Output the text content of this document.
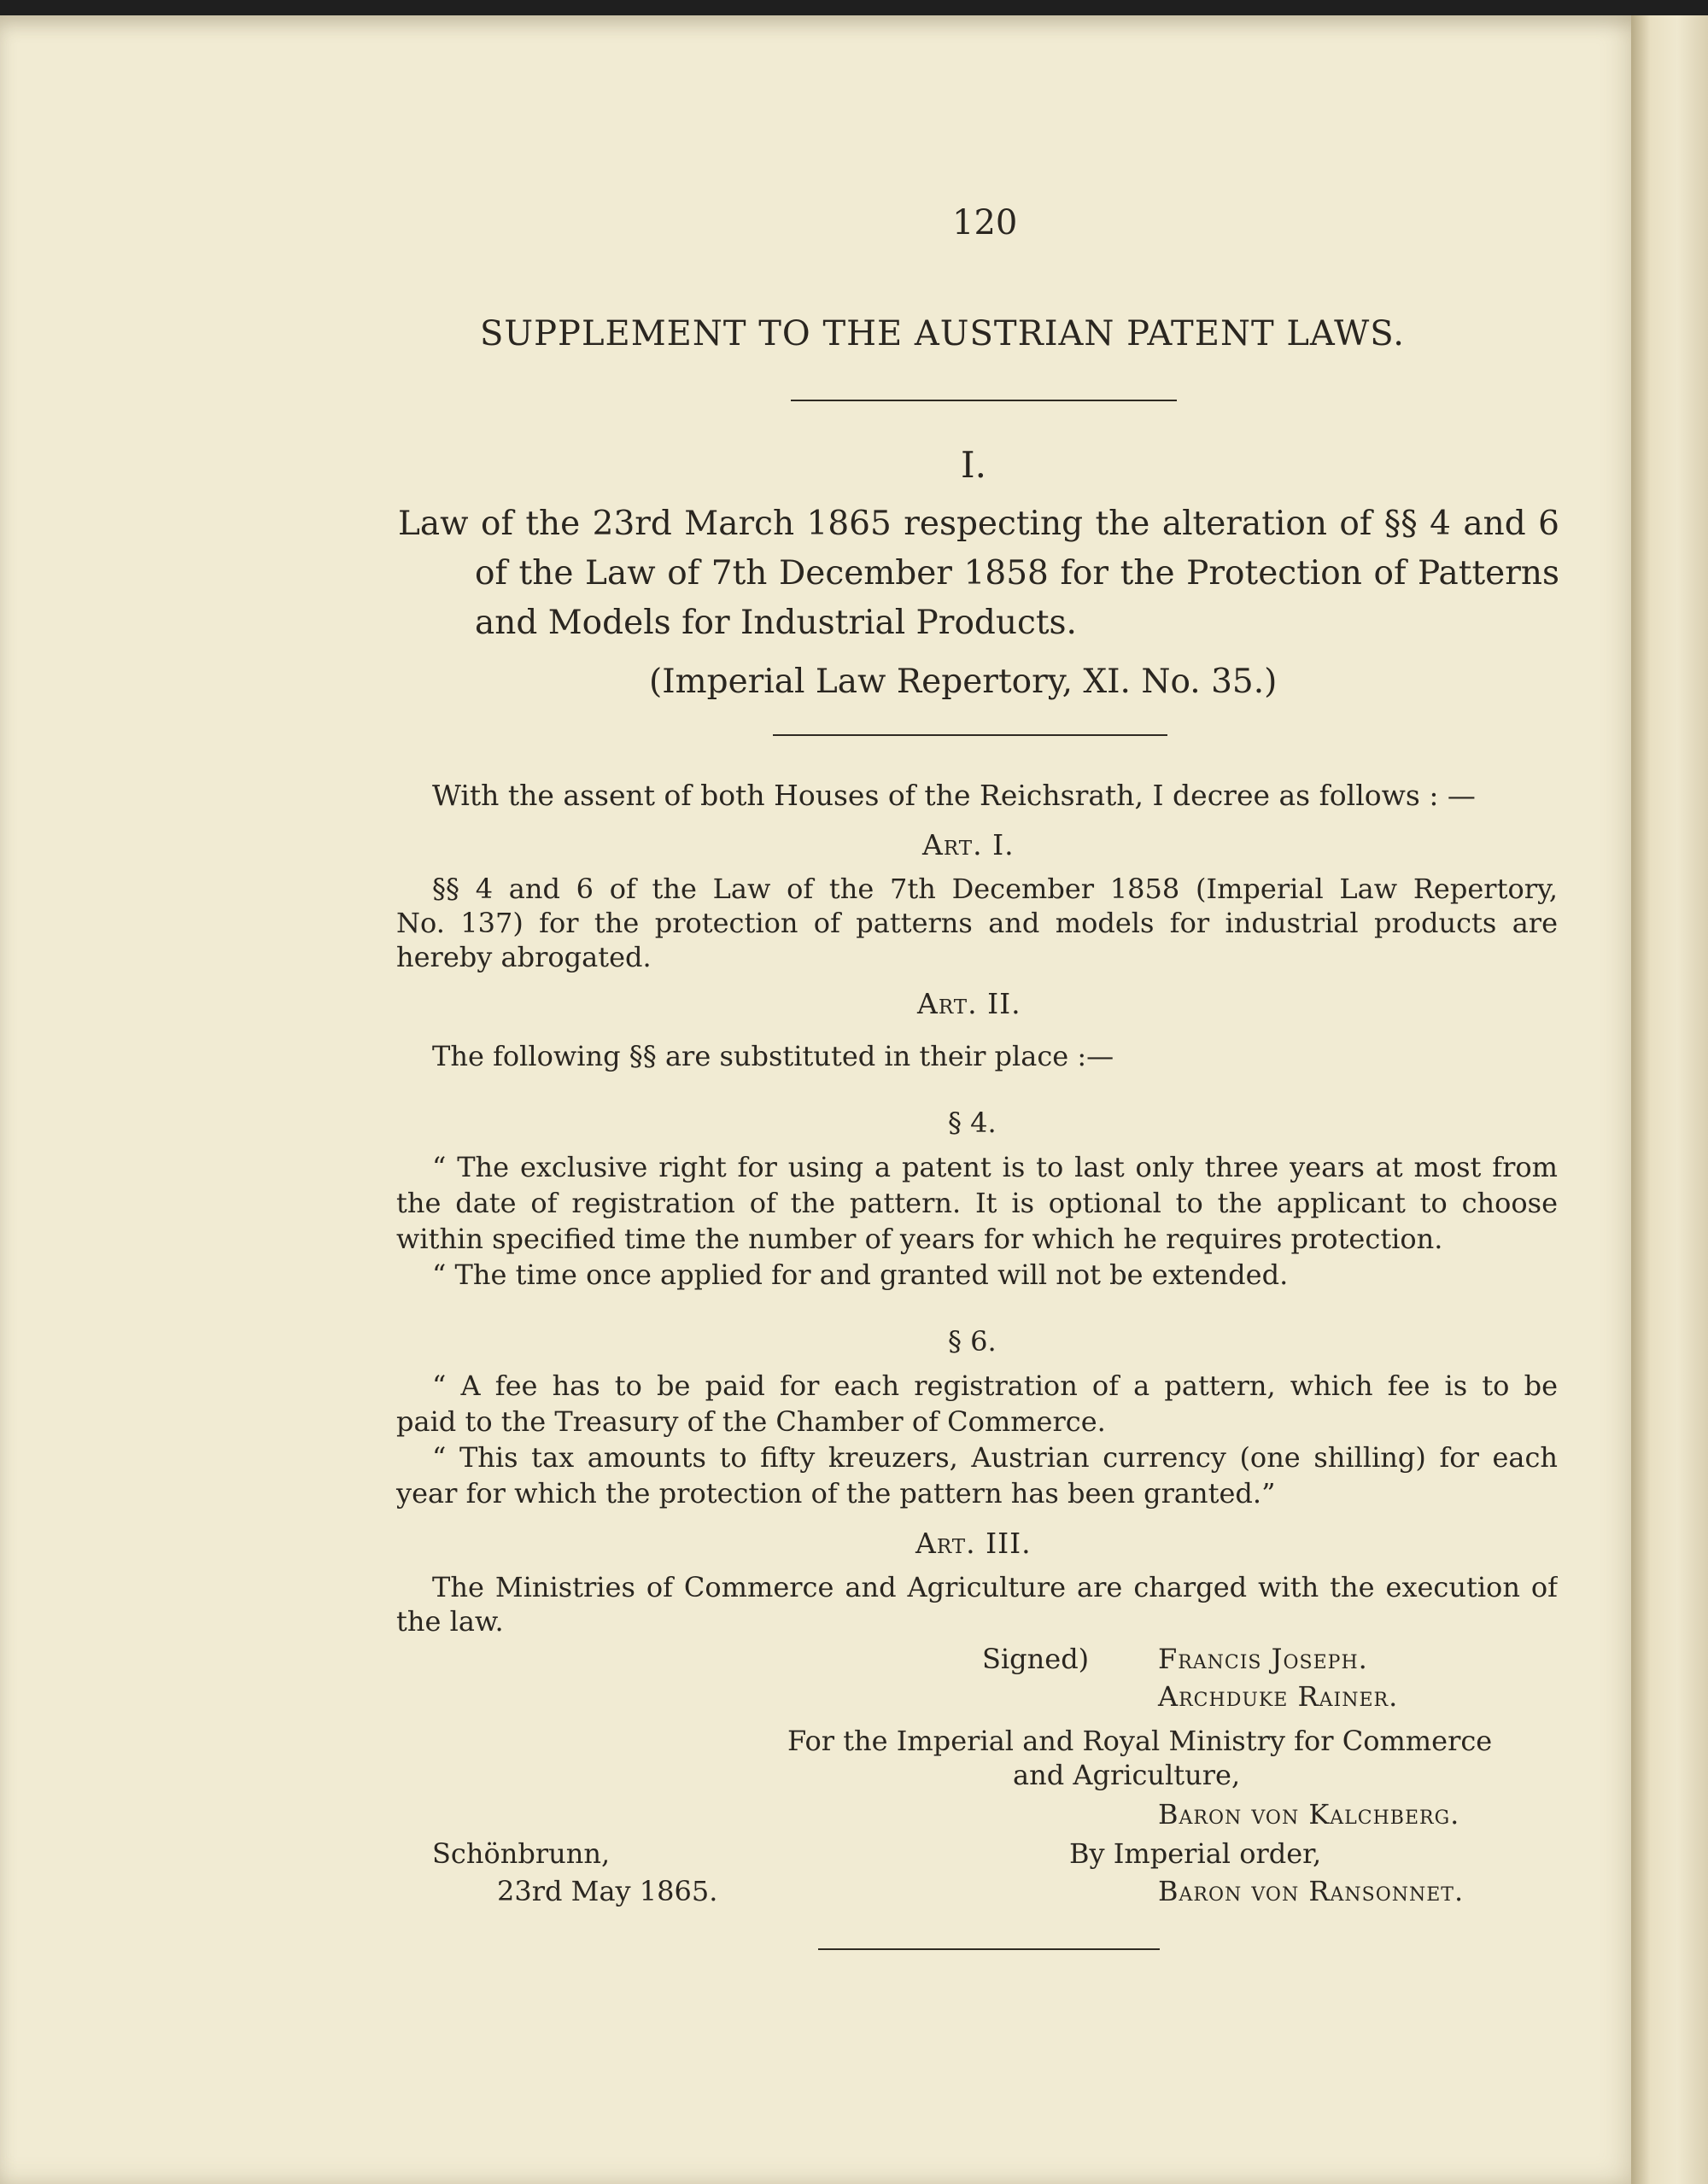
120
SUPPLEMENT TO THE AUSTRIAN PATENT LAWS.
I.
Law of the 23rd March 1865 respecting the alteration of §§ 4 and 6
of the Law of 7th December 1858 for the Protection of Patterns
and Models for Industrial Products.
(Imperial Law Repertory, XI. No. 35.)
With the assent of both Houses of the Reichsrath, I decree as follows : —
Art. I.
§§ 4 and 6 of the Law of the 7th December 1858 (Imperial Law Repertory,
No. 137) for the protection of patterns and models for industrial products are
hereby abrogated.
Art. II.
The following §§ are substituted in their place :—
§ 4.
“ The exclusive right for using a patent is to last only three years at most from
the date of registration of the pattern. It is optional to the applicant to choose
within specified time the number of years for which he requires protection.
“ The time once applied for and granted will not be extended.
§ 6.
“ A fee has to be paid for each registration of a pattern, which fee is to be
paid to the Treasury of the Chamber of Commerce.
“ This tax amounts to fifty kreuzers, Austrian currency (one shilling) for each
year for which the protection of the pattern has been granted.”
Art. III.
The Ministries of Commerce and Agriculture are charged with the execution of
the law.
Signed)	Francis Joseph.
Archduke Rainer.
For the Imperial and Royal Ministry for Commerce
and Agriculture,
Baron von Kalchberg.
Schönbrunn,
23rd May 1865.
By Imperial order,
Baron von Ransonnet.
